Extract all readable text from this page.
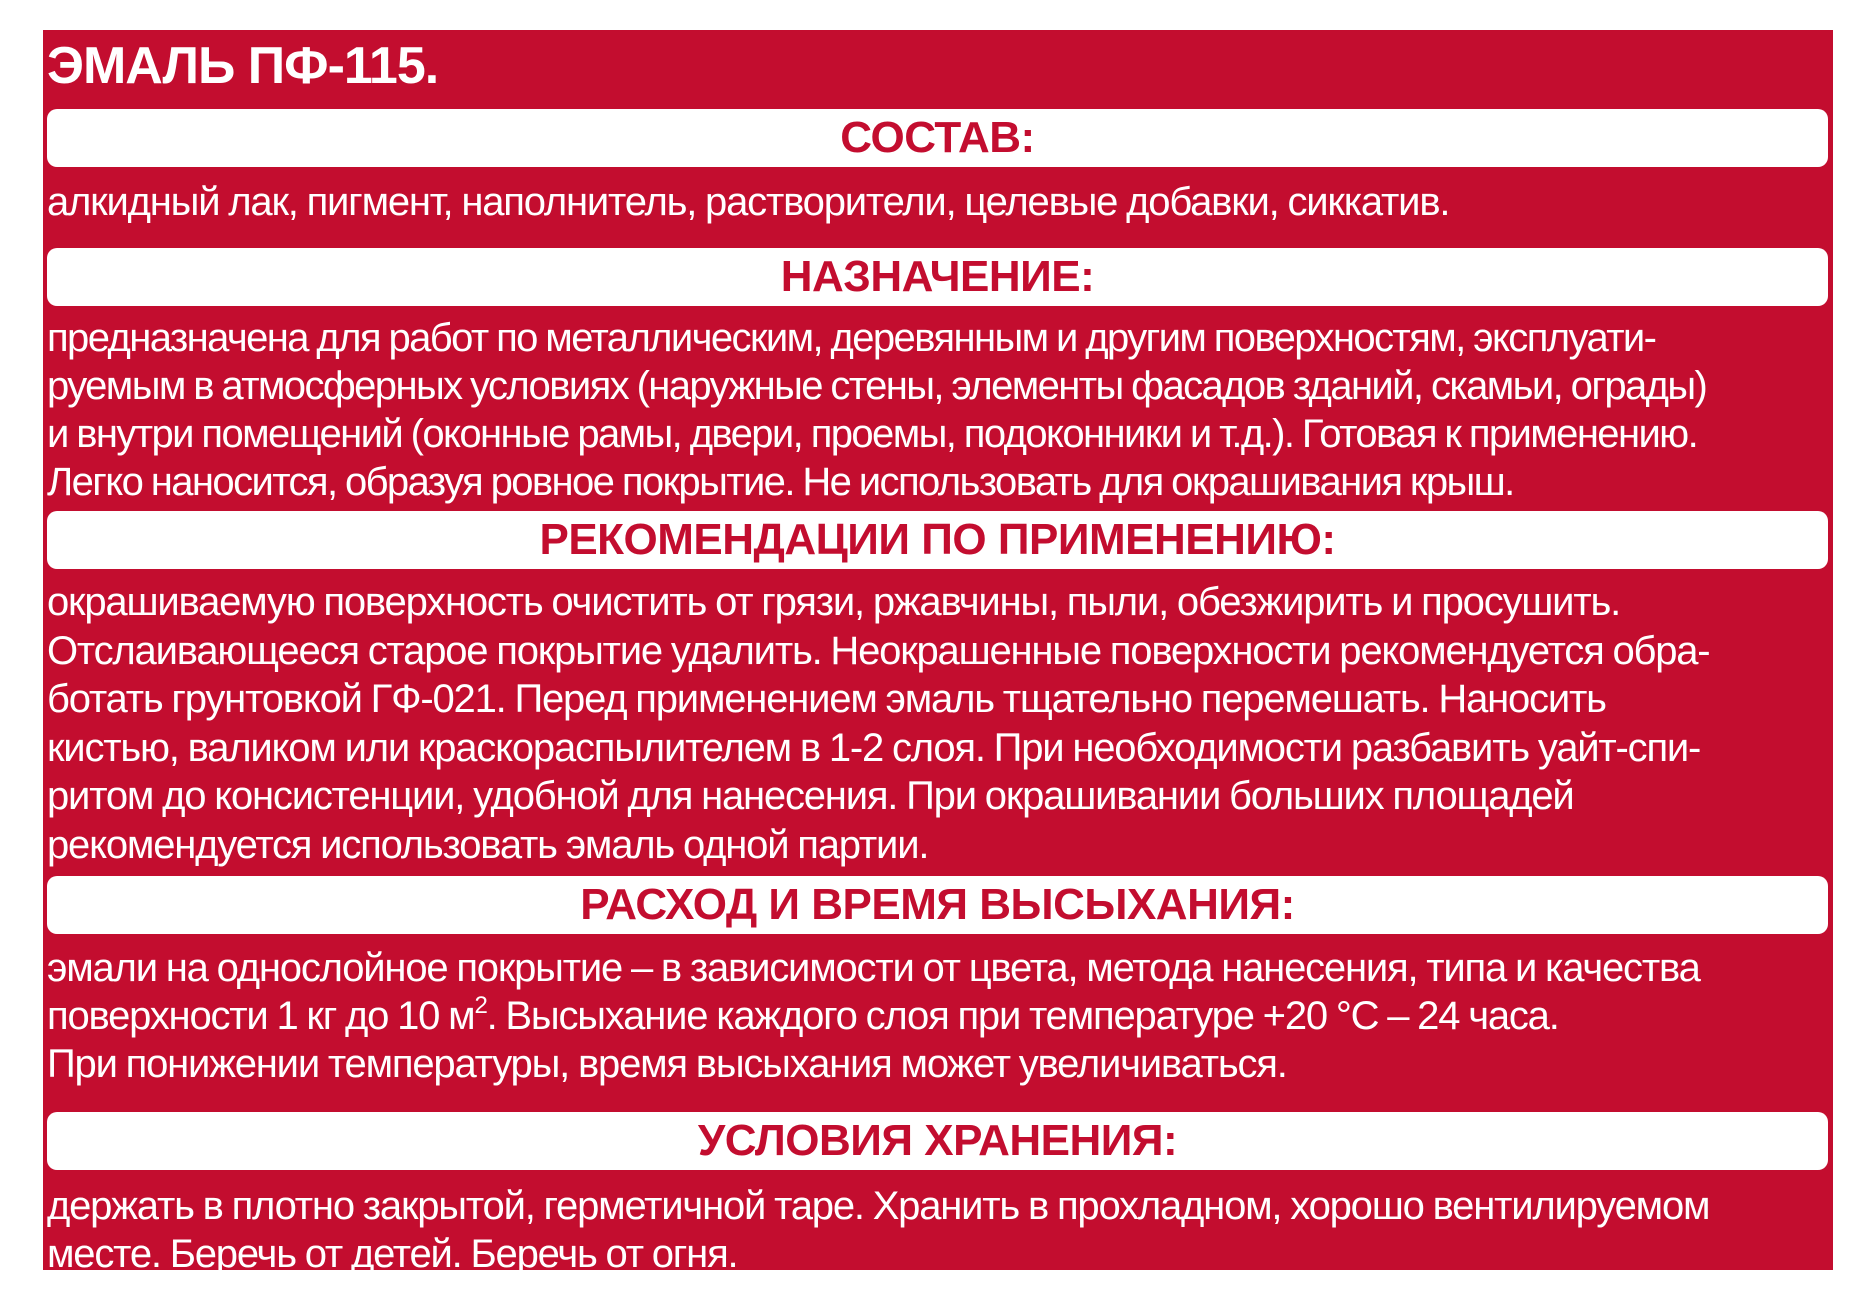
ЭМАЛЬ ПФ-115.
СОСТАВ:
алкидный лак, пигмент, наполнитель, растворители, целевые добавки, сиккатив.
НАЗНАЧЕНИЕ:
предназначена для работ по металлическим, деревянным и другим поверхностям, эксплуати-
руемым в атмосферных условиях (наружные стены, элементы фасадов зданий, скамьи, ограды)
и внутри помещений (оконные рамы, двери, проемы, подоконники и т.д.). Готовая к применению.
Легко наносится, образуя ровное покрытие. Не использовать для окрашивания крыш.
РЕКОМЕНДАЦИИ ПО ПРИМЕНЕНИЮ:
окрашиваемую поверхность очистить от грязи, ржавчины, пыли, обезжирить и просушить.
Отслаивающееся старое покрытие удалить. Неокрашенные поверхности рекомендуется обра-
ботать грунтовкой ГФ-021. Перед применением эмаль тщательно перемешать. Наносить
кистью, валиком или краскораспылителем в 1-2 слоя. При необходимости разбавить уайт-спи-
ритом до консистенции, удобной для нанесения. При окрашивании больших площадей
рекомендуется использовать эмаль одной партии.
РАСХОД И ВРЕМЯ ВЫСЫХАНИЯ:
эмали на однослойное покрытие – в зависимости от цвета, метода нанесения, типа и качества
поверхности 1 кг до 10 $м^2$. Высыхание каждого слоя при температуре +20 °С – 24 часа.
При понижении температуры, время высыхания может увеличиваться.
УСЛОВИЯ ХРАНЕНИЯ:
держать в плотно закрытой, герметичной таре. Хранить в прохладном, хорошо вентилируемом
месте. Беречь от детей. Беречь от огня.
